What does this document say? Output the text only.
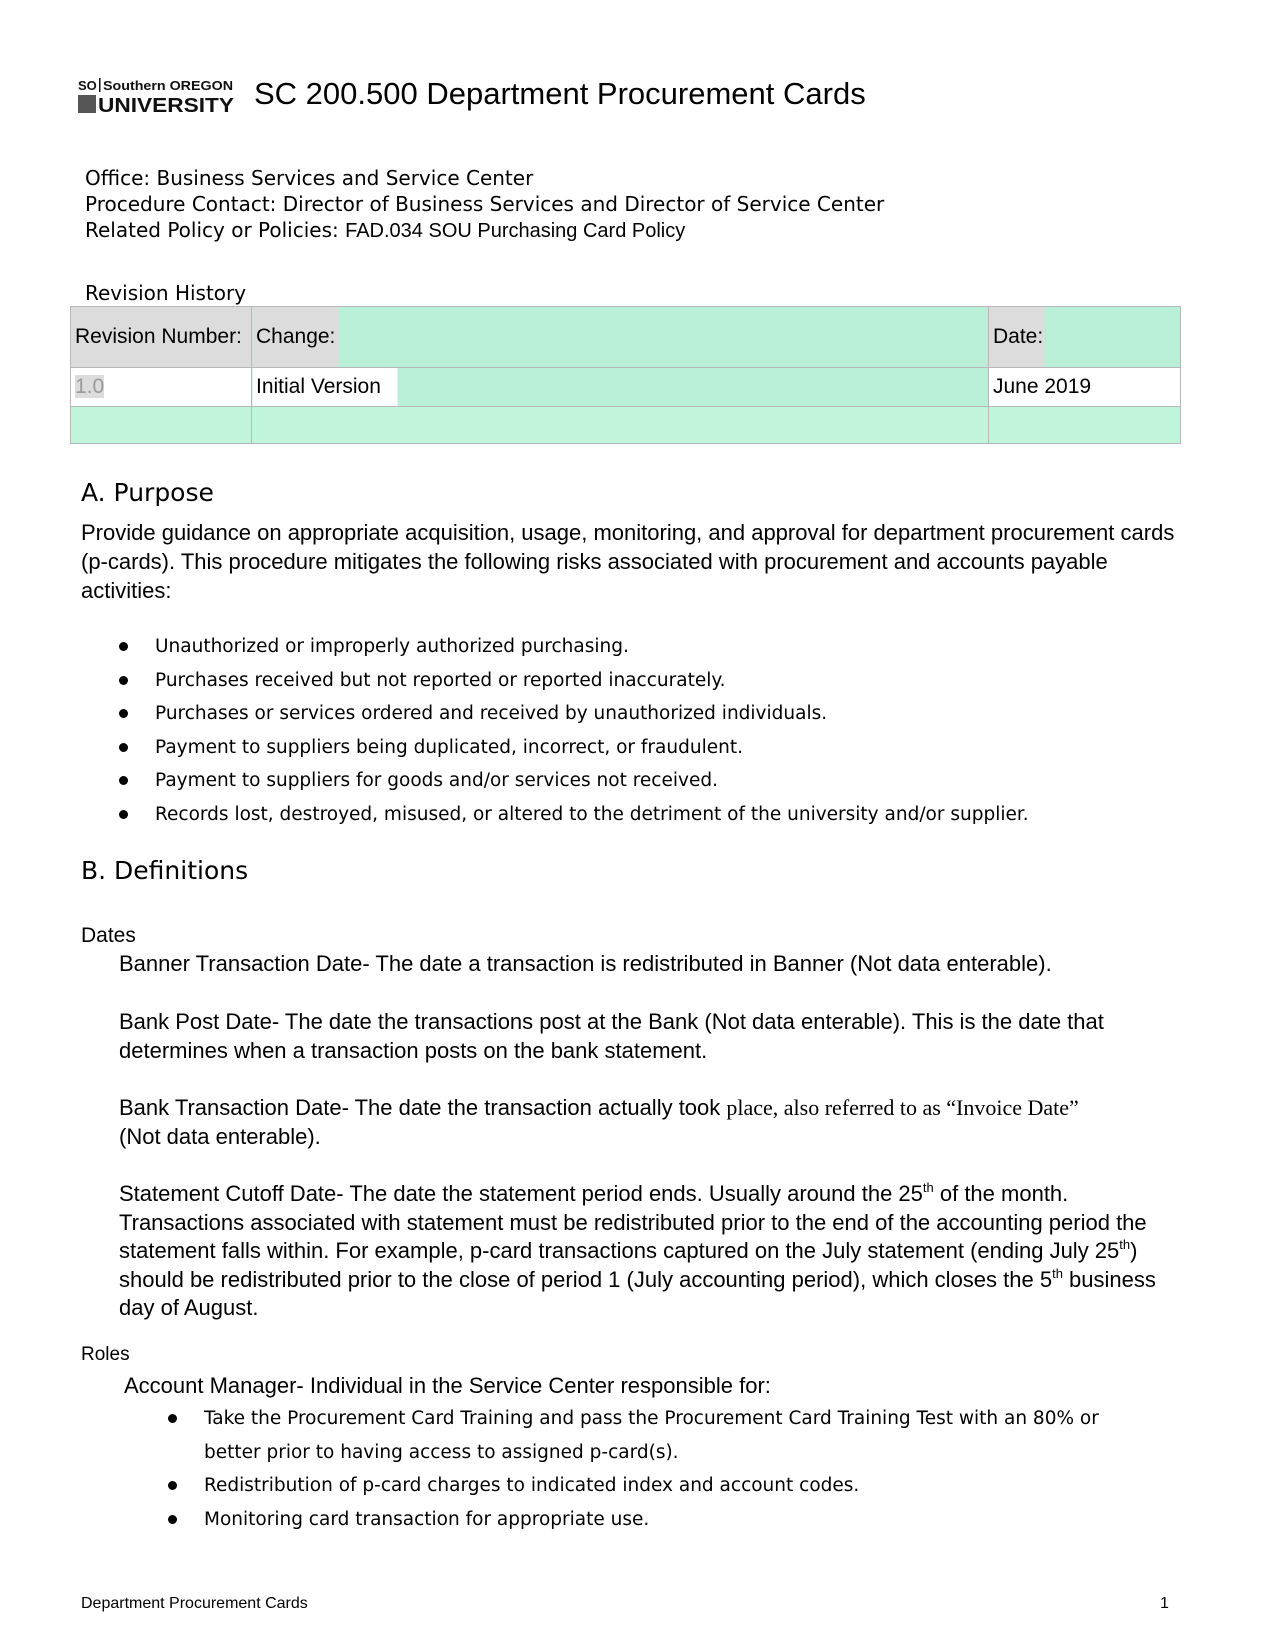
SO Southern OREGON
UNIVERSITY SC 200.500 Department Procurement Cards
Office: Business Services and Service Center
Procedure Contact: Director of Business Services and Director of Service Center
Related Policy or Policies: FAD.034 SOU Purchasing Card Policy
Revision History
Revision Number:	Change:	Date:
1.0	Initial Version	June 2019

A. Purpose
Provide guidance on appropriate acquisition, usage, monitoring, and approval for department procurement cards (p-cards). This procedure mitigates the following risks associated with procurement and accounts payable activities:
Unauthorized or improperly authorized purchasing.
Purchases received but not reported or reported inaccurately.
Purchases or services ordered and received by unauthorized individuals.
Payment to suppliers being duplicated, incorrect, or fraudulent.
Payment to suppliers for goods and/or services not received.
Records lost, destroyed, misused, or altered to the detriment of the university and/or supplier.
B. Definitions
Dates
Banner Transaction Date- The date a transaction is redistributed in Banner (Not data enterable).
Bank Post Date- The date the transactions post at the Bank (Not data enterable). This is the date that determines when a transaction posts on the bank statement.
Bank Transaction Date- The date the transaction actually took place, also referred to as “Invoice Date”
(Not data enterable).
Statement Cutoff Date- The date the statement period ends. Usually around the 25th of the month. Transactions associated with statement must be redistributed prior to the end of the accounting period the statement falls within. For example, p-card transactions captured on the July statement (ending July 25th) should be redistributed prior to the close of period 1 (July accounting period), which closes the 5th business day of August.
Roles
Account Manager- Individual in the Service Center responsible for:
Take the Procurement Card Training and pass the Procurement Card Training Test with an 80% or
better prior to having access to assigned p-card(s).
Redistribution of p-card charges to indicated index and account codes.
Monitoring card transaction for appropriate use.
Department Procurement Cards	1
